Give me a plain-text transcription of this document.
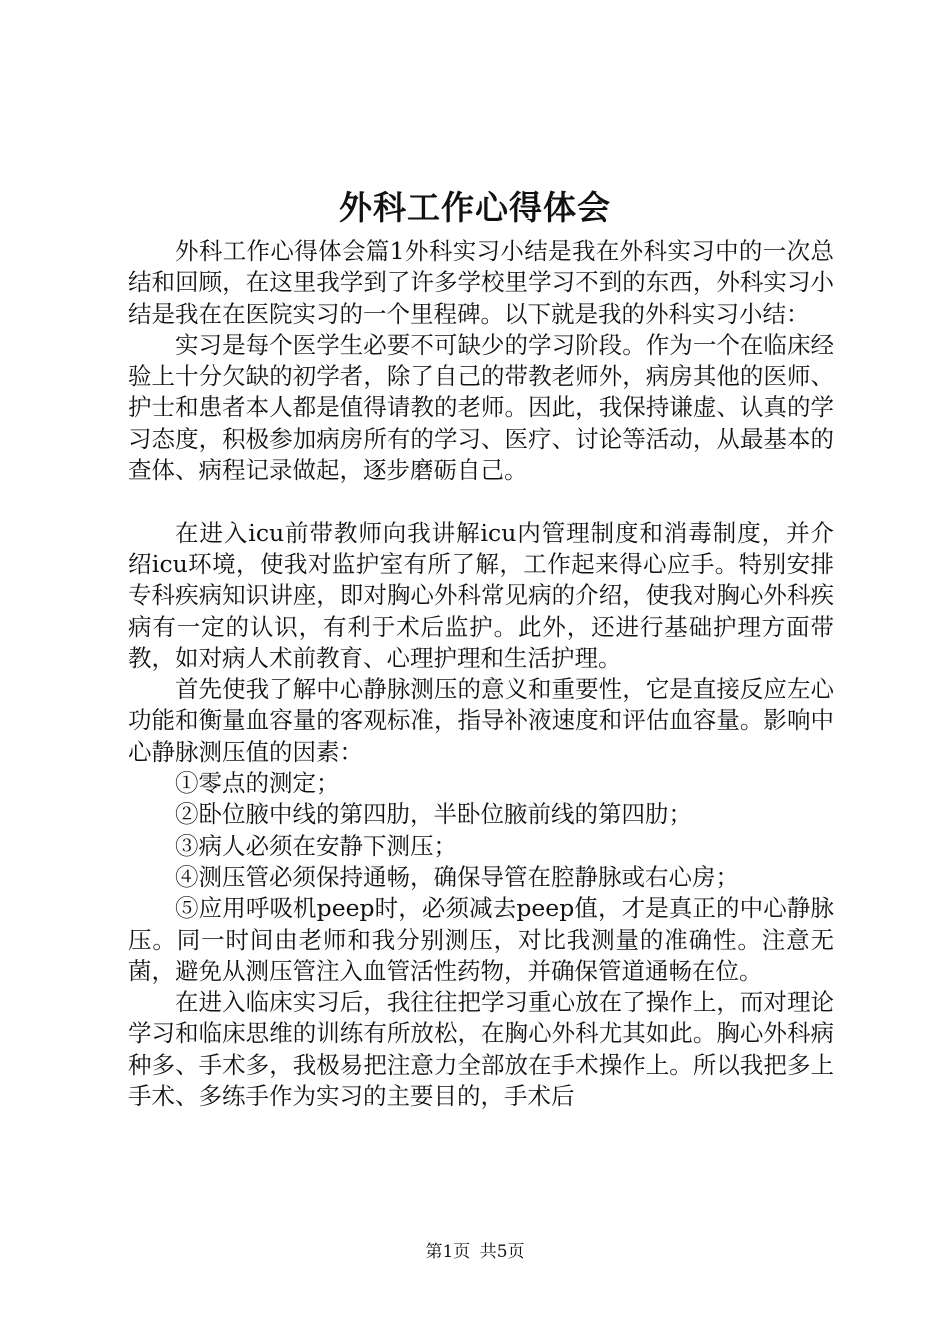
外科工作心得体会

外科工作心得体会篇1外科实习小结是我在外科实习中的一次总结和回顾，在这里我学到了许多学校里学习不到的东西，外科实习小结是我在在医院实习的一个里程碑。以下就是我的外科实习小结：

实习是每个医学生必要不可缺少的学习阶段。作为一个在临床经验上十分欠缺的初学者，除了自己的带教老师外，病房其他的医师、护士和患者本人都是值得请教的老师。因此，我保持谦虚、认真的学习态度，积极参加病房所有的学习、医疗、讨论等活动，从最基本的查体、病程记录做起，逐步磨砺自己。

在进入icu前带教师向我讲解icu内管理制度和消毒制度，并介绍icu环境，使我对监护室有所了解，工作起来得心应手。特别安排专科疾病知识讲座，即对胸心外科常见病的介绍，使我对胸心外科疾病有一定的认识，有利于术后监护。此外，还进行基础护理方面带教，如对病人术前教育、心理护理和生活护理。

首先使我了解中心静脉测压的意义和重要性，它是直接反应左心功能和衡量血容量的客观标准，指导补液速度和评估血容量。影响中心静脉测压值的因素：

①零点的测定；

②卧位腋中线的第四肋，半卧位腋前线的第四肋；

③病人必须在安静下测压；

④测压管必须保持通畅，确保导管在腔静脉或右心房；

⑤应用呼吸机peep时，必须减去peep值，才是真正的中心静脉压。同一时间由老师和我分别测压，对比我测量的准确性。注意无菌，避免从测压管注入血管活性药物，并确保管道通畅在位。

在进入临床实习后，我往往把学习重心放在了操作上，而对理论学习和临床思维的训练有所放松，在胸心外科尤其如此。胸心外科病种多、手术多，我极易把注意力全部放在手术操作上。所以我把多上手术、多练手作为实习的主要目的，手术后

第1页 共5页
